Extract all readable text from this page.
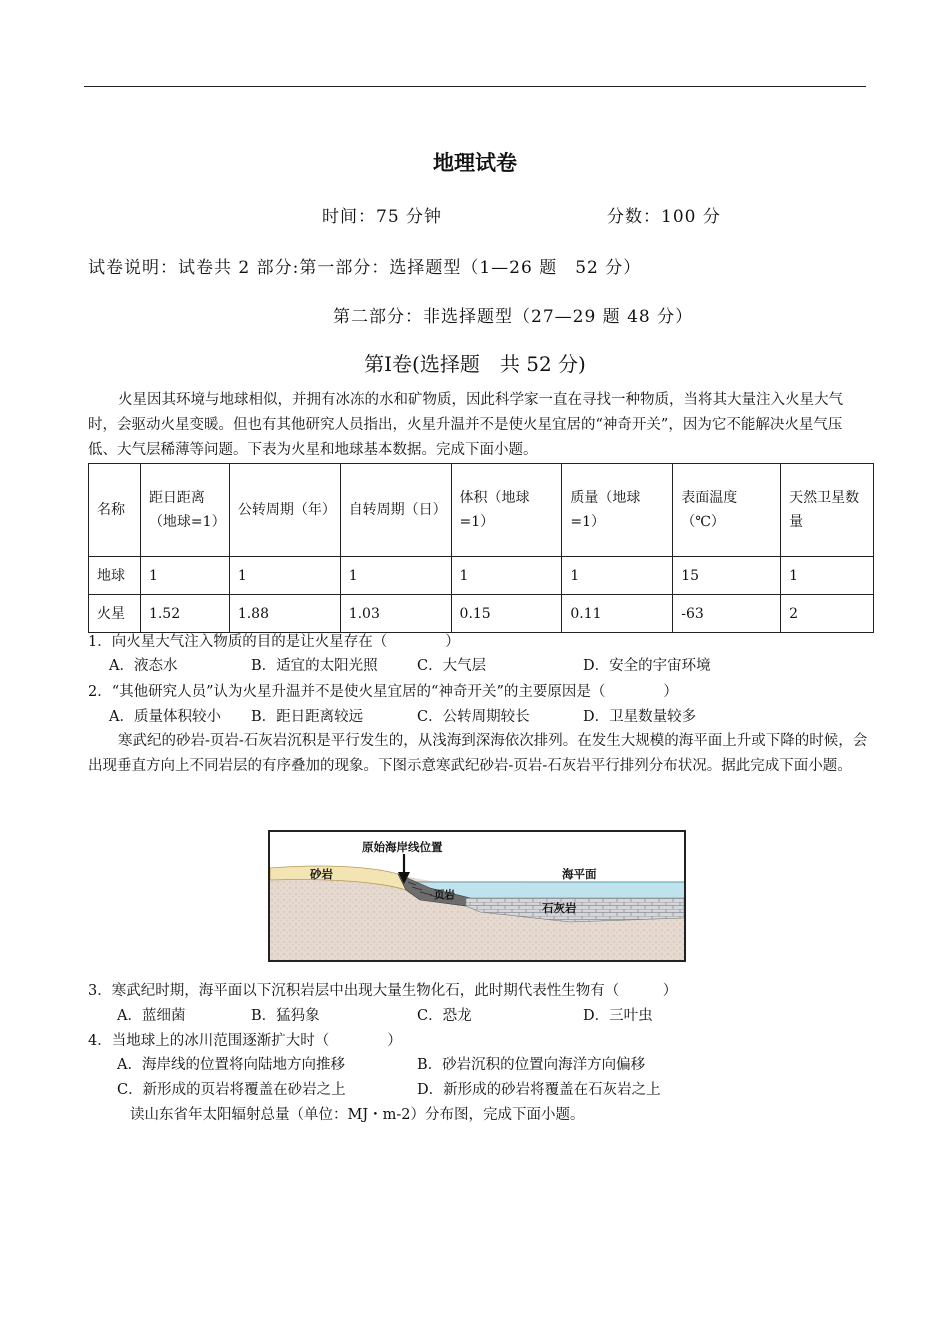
地理试卷
时间：75 分钟	分数：100 分
试卷说明：试卷共 2 部分:第一部分：选择题型（1—26 题　52 分）
第二部分：非选择题型（27—29 题 48 分）
第Ⅰ卷(选择题　共 52 分)
火星因其环境与地球相似，并拥有冰冻的水和矿物质，因此科学家一直在寻找一种物质，当将其大量注入火星大气时，会驱动火星变暖。但也有其他研究人员指出，火星升温并不是使火星宜居的“神奇开关”，因为它不能解决火星气压低、大气层稀薄等问题。下表为火星和地球基本数据。完成下面小题。
名称	距日距离（地球=1）	公转周期（年）	自转周期（日）	体积（地球=1）	质量（地球=1）	表面温度（℃）	天然卫星数量
地球	1	1	1	1	1	15	1
火星	1.52	1.88	1.03	0.15	0.11	-63	2
1．向火星大气注入物质的目的是让火星存在（　　　　）
A．液态水	B．适宜的太阳光照	C．大气层	D．安全的宇宙环境
2．“其他研究人员”认为火星升温并不是使火星宜居的“神奇开关”的主要原因是（　　　　）
A．质量体积较小 B．距日距离较远	C．公转周期较长	D．卫星数量较多
寒武纪的砂岩-页岩-石灰岩沉积是平行发生的，从浅海到深海依次排列。在发生大规模的海平面上升或下降的时候，会出现垂直方向上不同岩层的有序叠加的现象。下图示意寒武纪砂岩-页岩-石灰岩平行排列分布状况。据此完成下面小题。
原始海岸线位置
砂岩
页岩
海平面
石灰岩
3．寒武纪时期，海平面以下沉积岩层中出现大量生物化石，此时期代表性生物有（　　　）
A．蓝细菌	B．猛犸象	C．恐龙	D．三叶虫
4．当地球上的冰川范围逐渐扩大时（　　　　）
A．海岸线的位置将向陆地方向推移	B．砂岩沉积的位置向海洋方向偏移
C．新形成的页岩将覆盖在砂岩之上	D．新形成的砂岩将覆盖在石灰岩之上
读山东省年太阳辐射总量（单位：MJ・m-2）分布图，完成下面小题。
